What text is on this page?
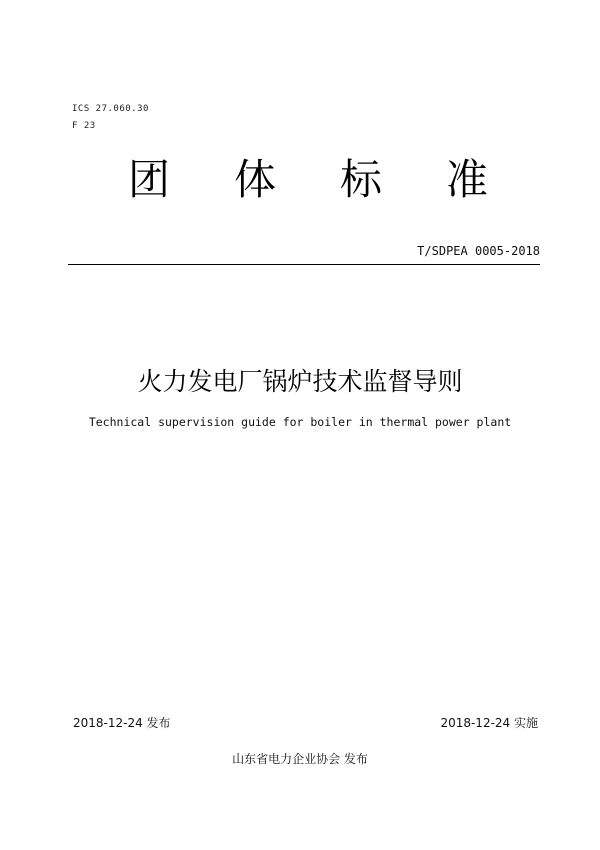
ICS 27.060.30
F 23
团 体 标 准
T/SDPEA 0005-2018
火力发电厂锅炉技术监督导则
Technical supervision guide for boiler in thermal power plant
2018-12-24 发布	2018-12-24 实施
山东省电力企业协会 发布
